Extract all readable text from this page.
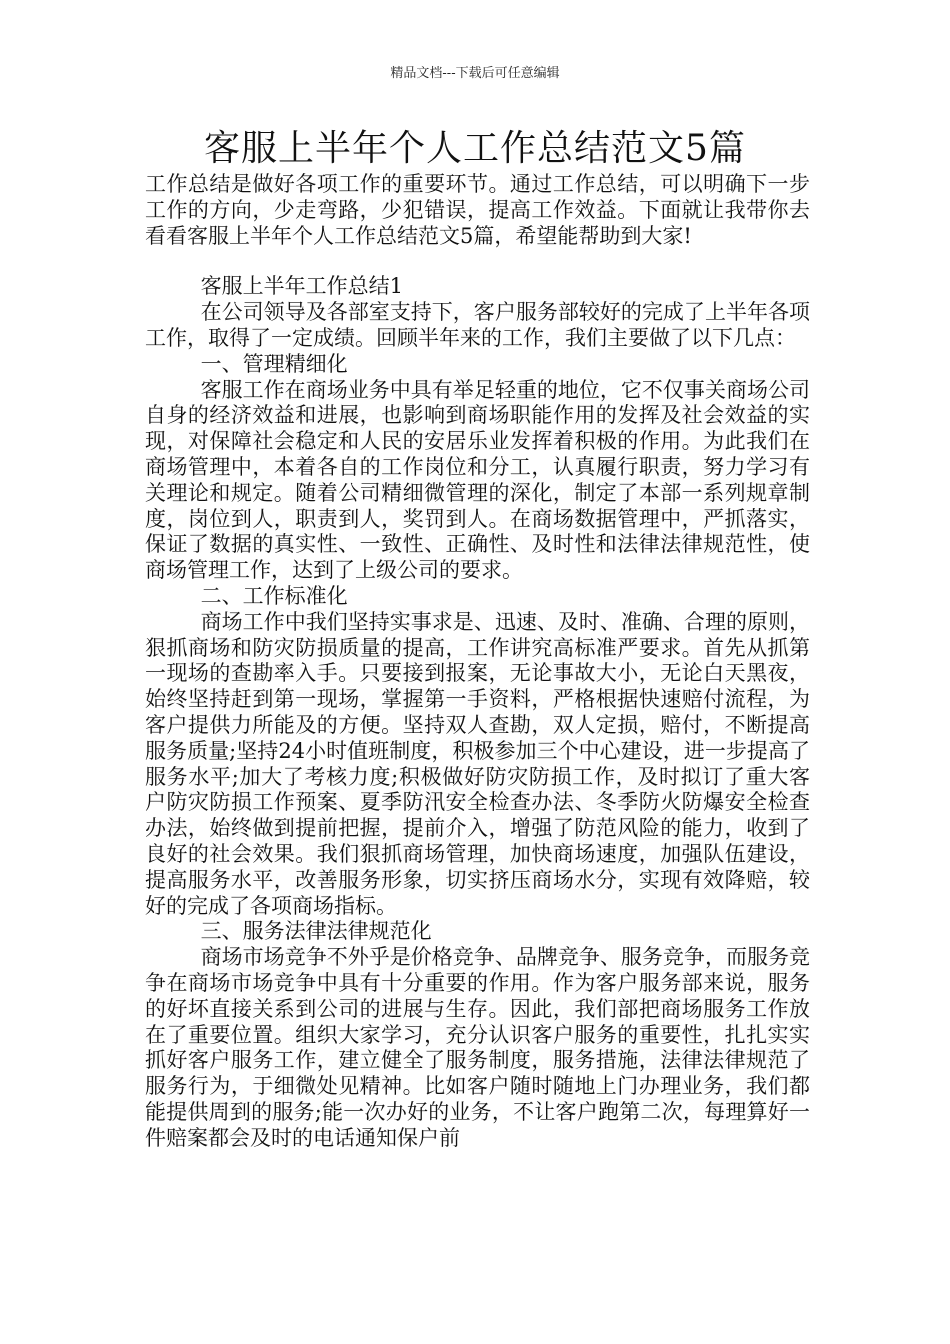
精品文档---下载后可任意编辑
客服上半年个人工作总结范文5篇

工作总结是做好各项工作的重要环节。通过工作总结，可以明确下一步工作的方向，少走弯路，少犯错误，提高工作效益。下面就让我带你去看看客服上半年个人工作总结范文5篇，希望能帮助到大家!

客服上半年工作总结1

在公司领导及各部室支持下，客户服务部较好的完成了上半年各项工作，取得了一定成绩。回顾半年来的工作，我们主要做了以下几点：

一、管理精细化

客服工作在商场业务中具有举足轻重的地位，它不仅事关商场公司自身的经济效益和进展，也影响到商场职能作用的发挥及社会效益的实现，对保障社会稳定和人民的安居乐业发挥着积极的作用。为此我们在商场管理中，本着各自的工作岗位和分工，认真履行职责，努力学习有关理论和规定。随着公司精细微管理的深化，制定了本部一系列规章制度，岗位到人，职责到人，奖罚到人。在商场数据管理中，严抓落实，保证了数据的真实性、一致性、正确性、及时性和法律法律规范性，使商场管理工作，达到了上级公司的要求。

二、工作标准化

商场工作中我们坚持实事求是、迅速、及时、准确、合理的原则，狠抓商场和防灾防损质量的提高，工作讲究高标准严要求。首先从抓第一现场的查勘率入手。只要接到报案，无论事故大小，无论白天黑夜，始终坚持赶到第一现场，掌握第一手资料，严格根据快速赔付流程，为客户提供力所能及的方便。坚持双人查勘，双人定损，赔付，不断提高服务质量;坚持24小时值班制度，积极参加三个中心建设，进一步提高了服务水平;加大了考核力度;积极做好防灾防损工作，及时拟订了重大客户防灾防损工作预案、夏季防汛安全检查办法、冬季防火防爆安全检查办法，始终做到提前把握，提前介入，增强了防范风险的能力，收到了良好的社会效果。我们狠抓商场管理，加快商场速度，加强队伍建设，提高服务水平，改善服务形象，切实挤压商场水分，实现有效降赔，较好的完成了各项商场指标。

三、服务法律法律规范化

商场市场竞争不外乎是价格竞争、品牌竞争、服务竞争，而服务竞争在商场市场竞争中具有十分重要的作用。作为客户服务部来说，服务的好坏直接关系到公司的进展与生存。因此，我们部把商场服务工作放在了重要位置。组织大家学习，充分认识客户服务的重要性，扎扎实实抓好客户服务工作，建立健全了服务制度，服务措施，法律法律规范了服务行为，于细微处见精神。比如客户随时随地上门办理业务，我们都能提供周到的服务;能一次办好的业务，不让客户跑第二次，每理算好一件赔案都会及时的电话通知保户前
